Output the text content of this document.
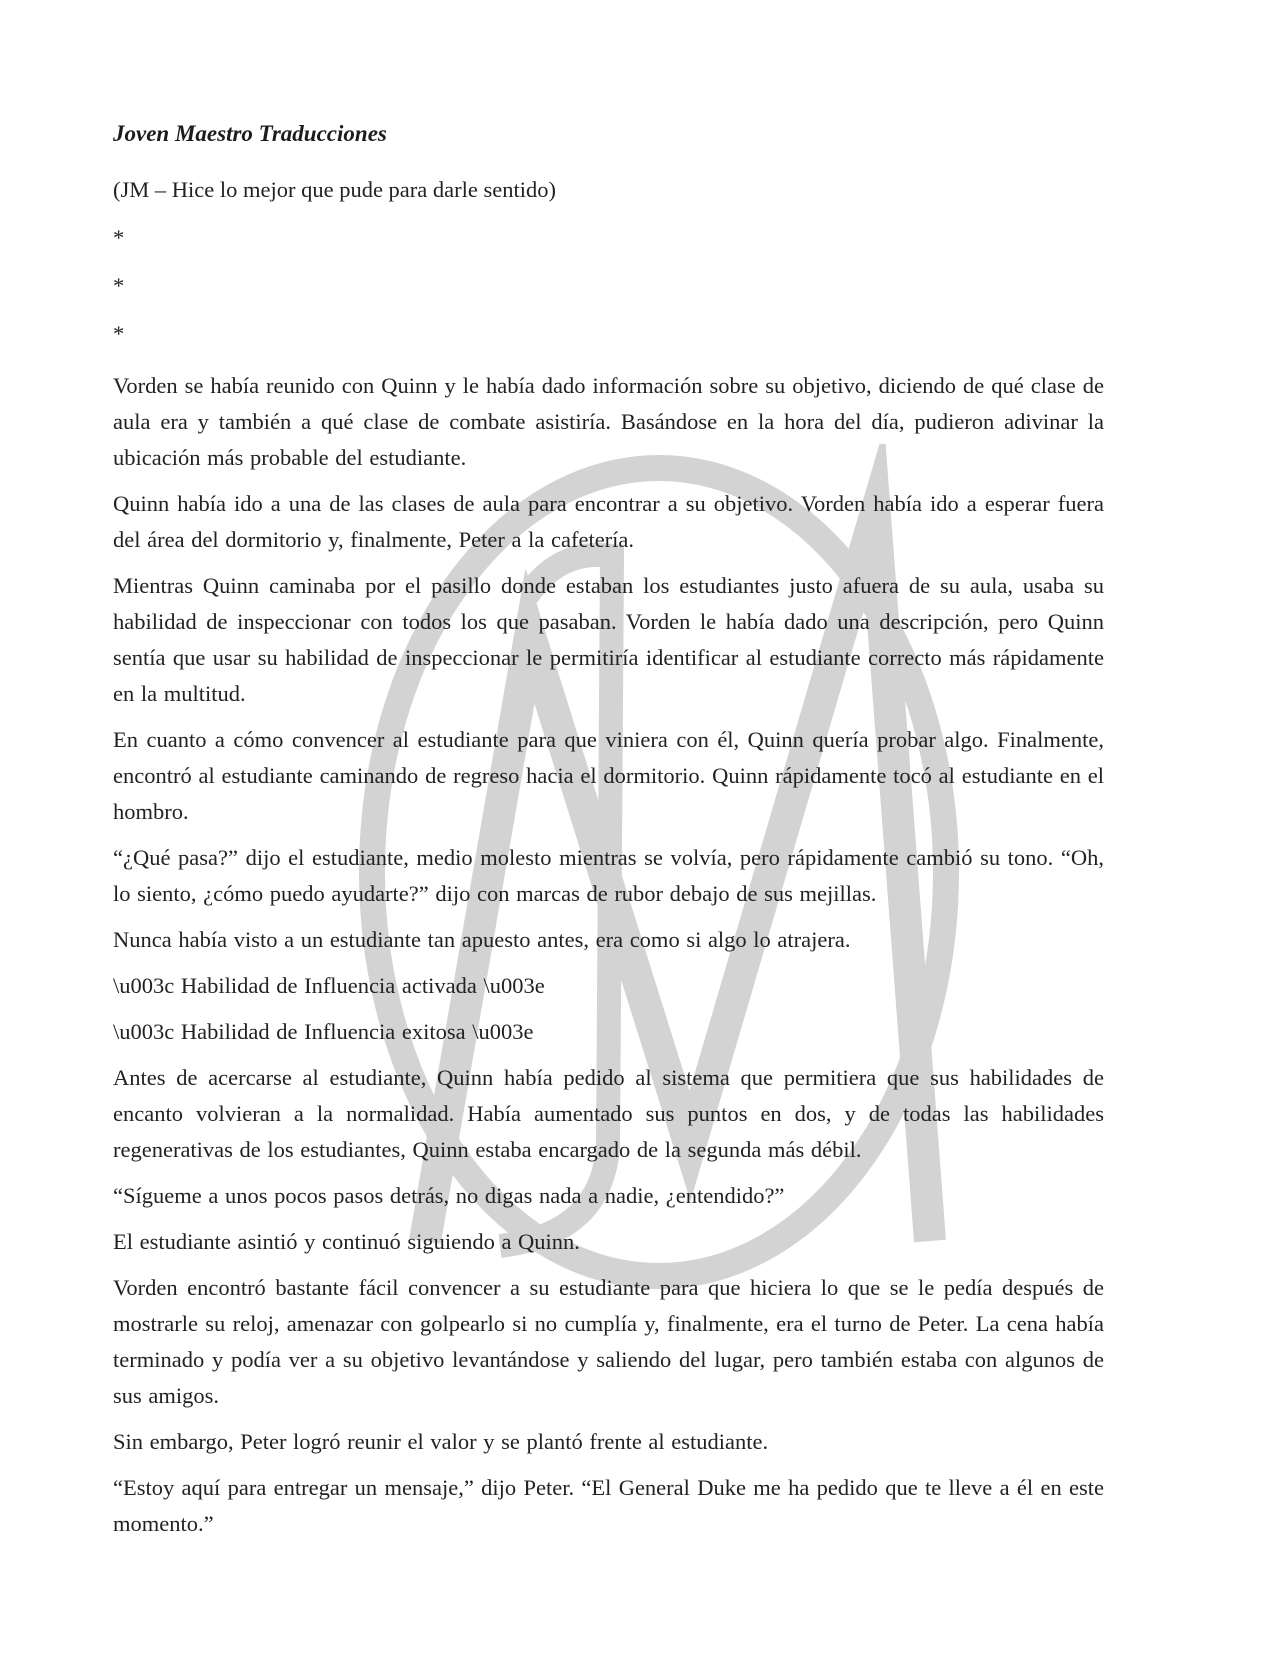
Joven Maestro Traducciones

(JM – Hice lo mejor que pude para darle sentido)

*

*

*

Vorden se había reunido con Quinn y le había dado información sobre su objetivo, diciendo de qué clase de aula era y también a qué clase de combate asistiría. Basándose en la hora del día, pudieron adivinar la ubicación más probable del estudiante.

Quinn había ido a una de las clases de aula para encontrar a su objetivo. Vorden había ido a esperar fuera del área del dormitorio y, finalmente, Peter a la cafetería.

Mientras Quinn caminaba por el pasillo donde estaban los estudiantes justo afuera de su aula, usaba su habilidad de inspeccionar con todos los que pasaban. Vorden le había dado una descripción, pero Quinn sentía que usar su habilidad de inspeccionar le permitiría identificar al estudiante correcto más rápidamente en la multitud.

En cuanto a cómo convencer al estudiante para que viniera con él, Quinn quería probar algo. Finalmente, encontró al estudiante caminando de regreso hacia el dormitorio. Quinn rápidamente tocó al estudiante en el hombro.

“¿Qué pasa?” dijo el estudiante, medio molesto mientras se volvía, pero rápidamente cambió su tono. “Oh, lo siento, ¿cómo puedo ayudarte?” dijo con marcas de rubor debajo de sus mejillas.

Nunca había visto a un estudiante tan apuesto antes, era como si algo lo atrajera.

\u003c Habilidad de Influencia activada \u003e

\u003c Habilidad de Influencia exitosa \u003e

Antes de acercarse al estudiante, Quinn había pedido al sistema que permitiera que sus habilidades de encanto volvieran a la normalidad. Había aumentado sus puntos en dos, y de todas las habilidades regenerativas de los estudiantes, Quinn estaba encargado de la segunda más débil.

“Sígueme a unos pocos pasos detrás, no digas nada a nadie, ¿entendido?”

El estudiante asintió y continuó siguiendo a Quinn.

Vorden encontró bastante fácil convencer a su estudiante para que hiciera lo que se le pedía después de mostrarle su reloj, amenazar con golpearlo si no cumplía y, finalmente, era el turno de Peter. La cena había terminado y podía ver a su objetivo levantándose y saliendo del lugar, pero también estaba con algunos de sus amigos.

Sin embargo, Peter logró reunir el valor y se plantó frente al estudiante.

“Estoy aquí para entregar un mensaje,” dijo Peter. “El General Duke me ha pedido que te lleve a él en este momento.”
